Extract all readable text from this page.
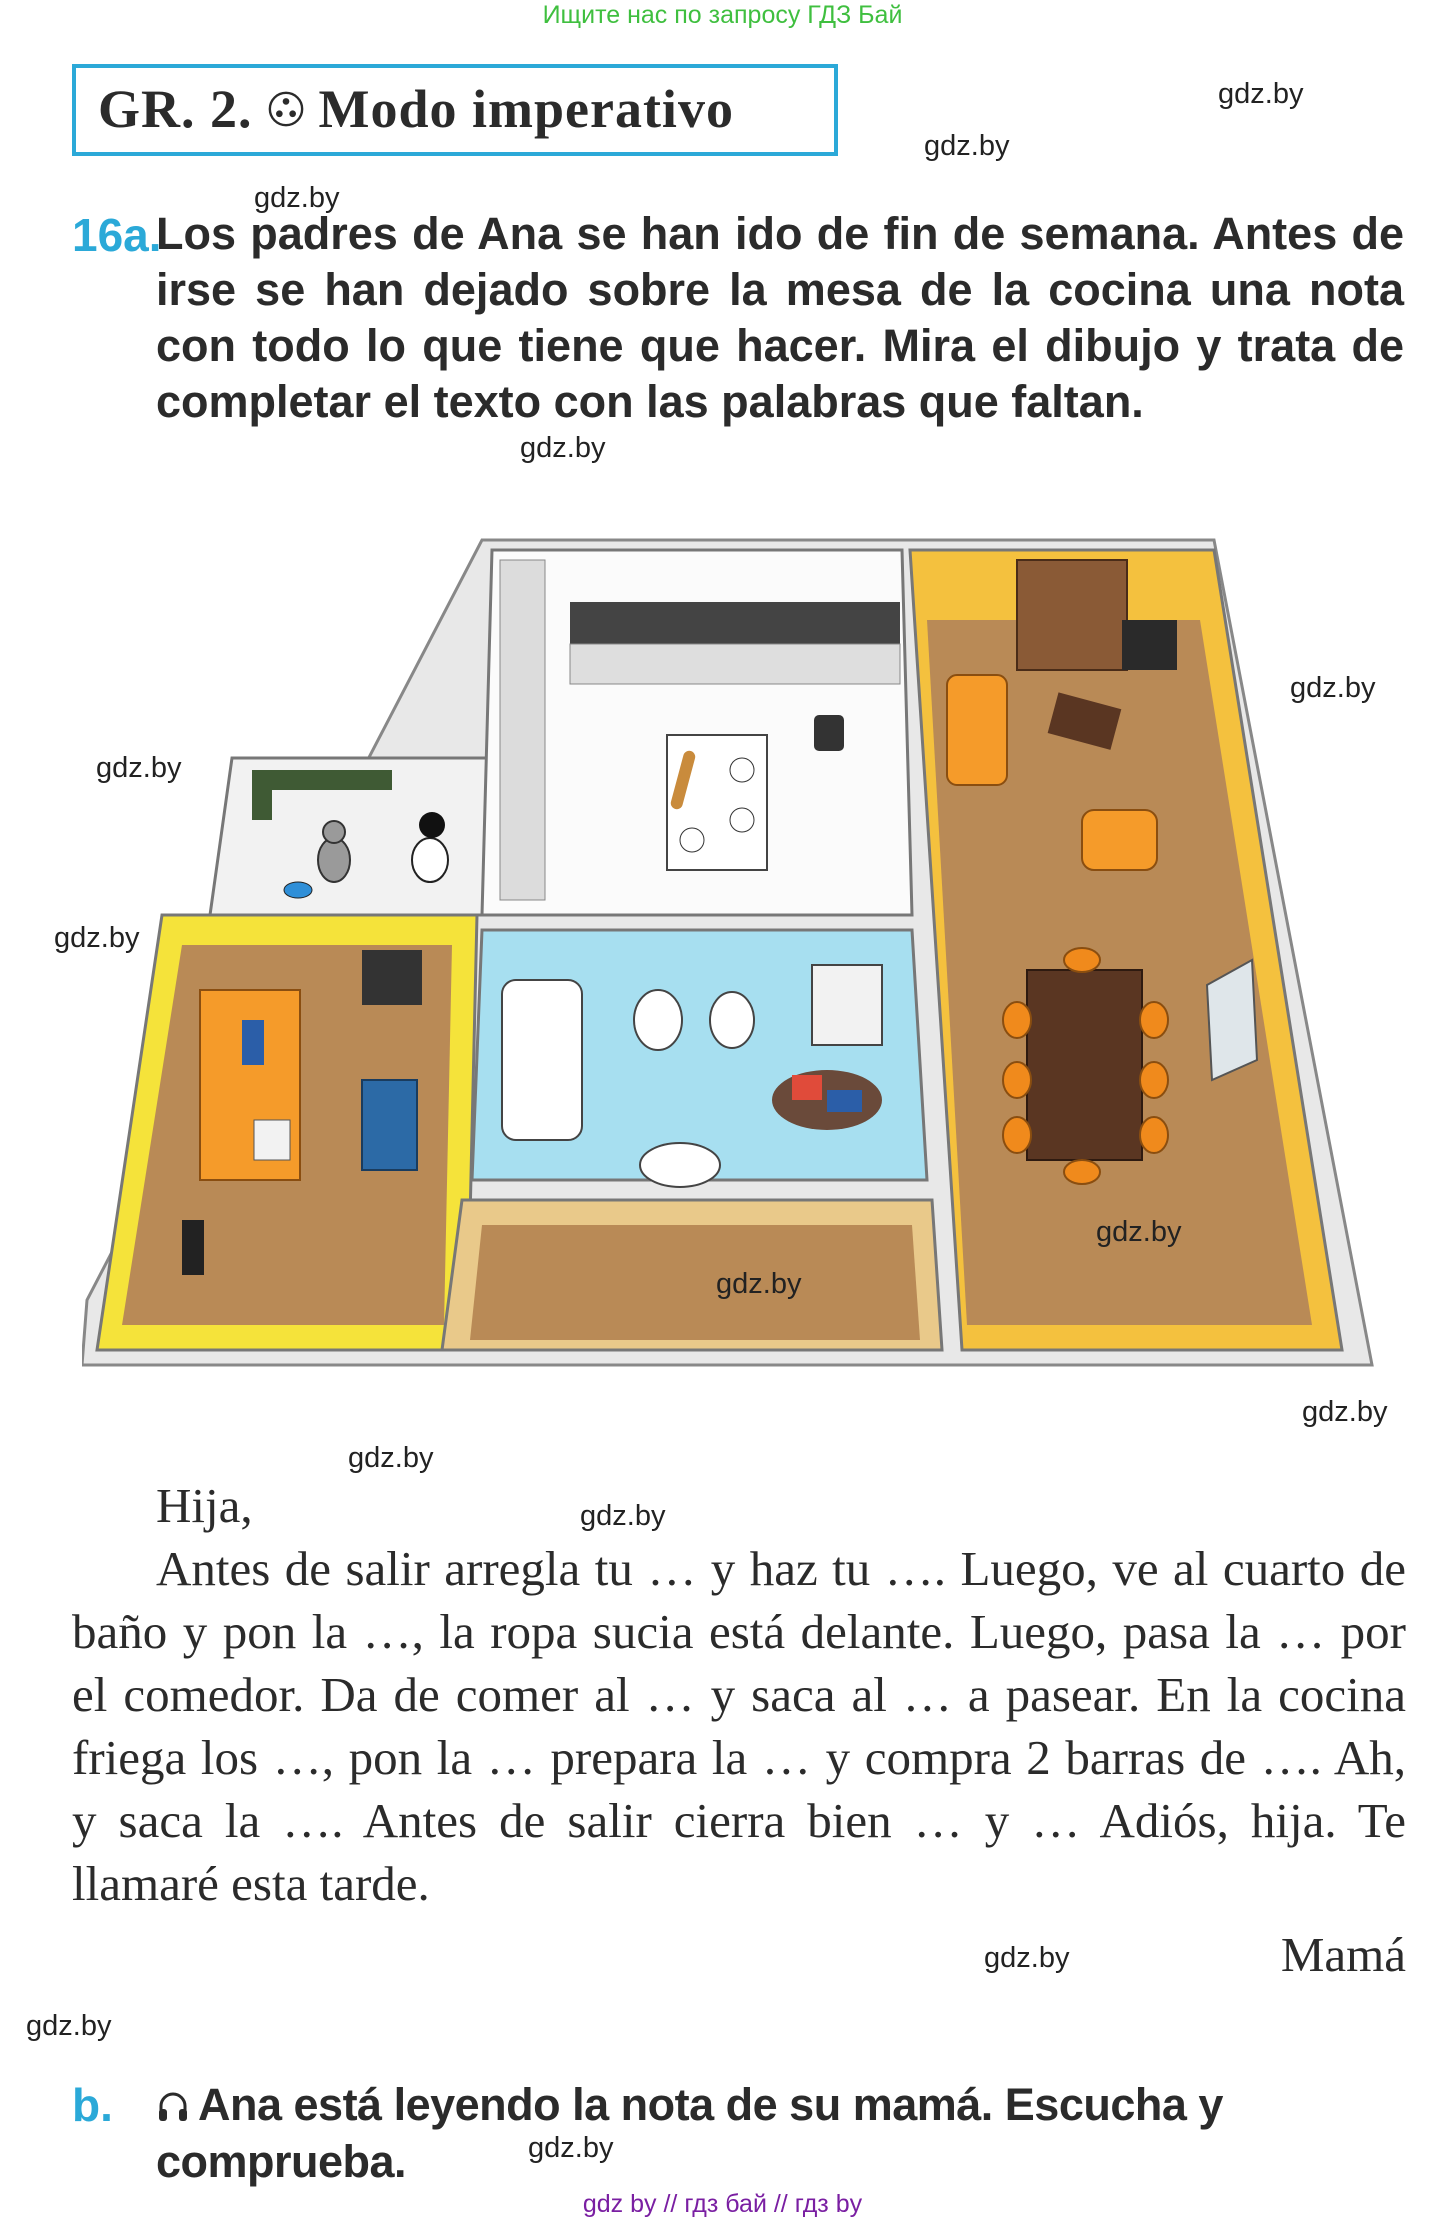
Ищите нас по запросу ГДЗ Бай
GR. 2. Modo imperativo
16a.
Los padres de Ana se han ido de fin de semana. Antes de irse se han dejado sobre la mesa de la cocina una nota con todo lo que tiene que hacer. Mira el dibujo y trata de completar el texto con las palabras que faltan.
gdz.by
gdz.by
gdz.by
gdz.by
gdz.by
gdz.by
gdz.by
gdz.by
gdz.by
gdz.by
gdz.by
gdz.by
gdz.by
gdz.by
gdz.by
Hija,
Antes de salir arregla tu … y haz tu …. Luego, ve al cuarto de baño y pon la …, la ropa sucia está delante. Luego, pasa la … por el comedor. Da de comer al … y saca al … a pasear. En la cocina friega los …, pon la … prepara la … y compra 2 barras de …. Ah, y saca la …. Antes de salir cierra bien … y … Adiós, hija. Te llamaré esta tarde.
Mamá
b.	Ana está leyendo la nota de su mamá. Escucha y comprueba.
gdz by // гдз бай // гдз by
